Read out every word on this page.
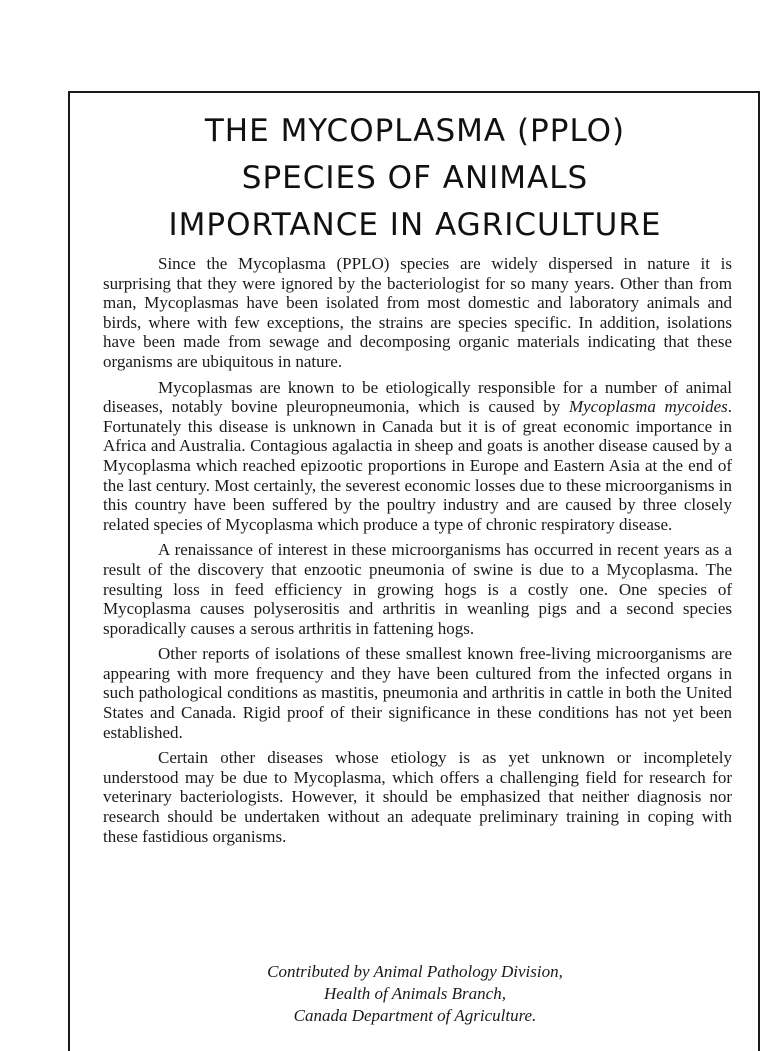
THE MYCOPLASMA (PPLO)
SPECIES OF ANIMALS
IMPORTANCE IN AGRICULTURE

Since the Mycoplasma (PPLO) species are widely dispersed in nature it is surprising that they were ignored by the bacteriologist for so many years. Other than from man, Mycoplasmas have been isolated from most domestic and laboratory animals and birds, where with few exceptions, the strains are species specific. In addition, isolations have been made from sewage and decomposing organic materials indicating that these organisms are ubiquitous in nature.

Mycoplasmas are known to be etiologically responsible for a number of animal diseases, notably bovine pleuropneumonia, which is caused by Mycoplasma mycoides. Fortunately this disease is unknown in Canada but it is of great economic importance in Africa and Australia. Contagious agalactia in sheep and goats is another disease caused by a Mycoplasma which reached epizootic proportions in Europe and Eastern Asia at the end of the last century. Most certainly, the severest economic losses due to these microorganisms in this country have been suffered by the poultry industry and are caused by three closely related species of Mycoplasma which produce a type of chronic respiratory disease.

A renaissance of interest in these microorganisms has occurred in recent years as a result of the discovery that enzootic pneumonia of swine is due to a Mycoplasma. The resulting loss in feed efficiency in growing hogs is a costly one. One species of Mycoplasma causes polyserositis and arthritis in weanling pigs and a second species sporadically causes a serous arthritis in fattening hogs.

Other reports of isolations of these smallest known free-living microorganisms are appearing with more frequency and they have been cultured from the infected organs in such pathological conditions as mastitis, pneumonia and arthritis in cattle in both the United States and Canada. Rigid proof of their significance in these conditions has not yet been established.

Certain other diseases whose etiology is as yet unknown or incompletely understood may be due to Mycoplasma, which offers a challenging field for research for veterinary bacteriologists. However, it should be emphasized that neither diagnosis nor research should be undertaken without an adequate preliminary training in coping with these fastidious organisms.

Contributed by Animal Pathology Division,
Health of Animals Branch,
Canada Department of Agriculture.
